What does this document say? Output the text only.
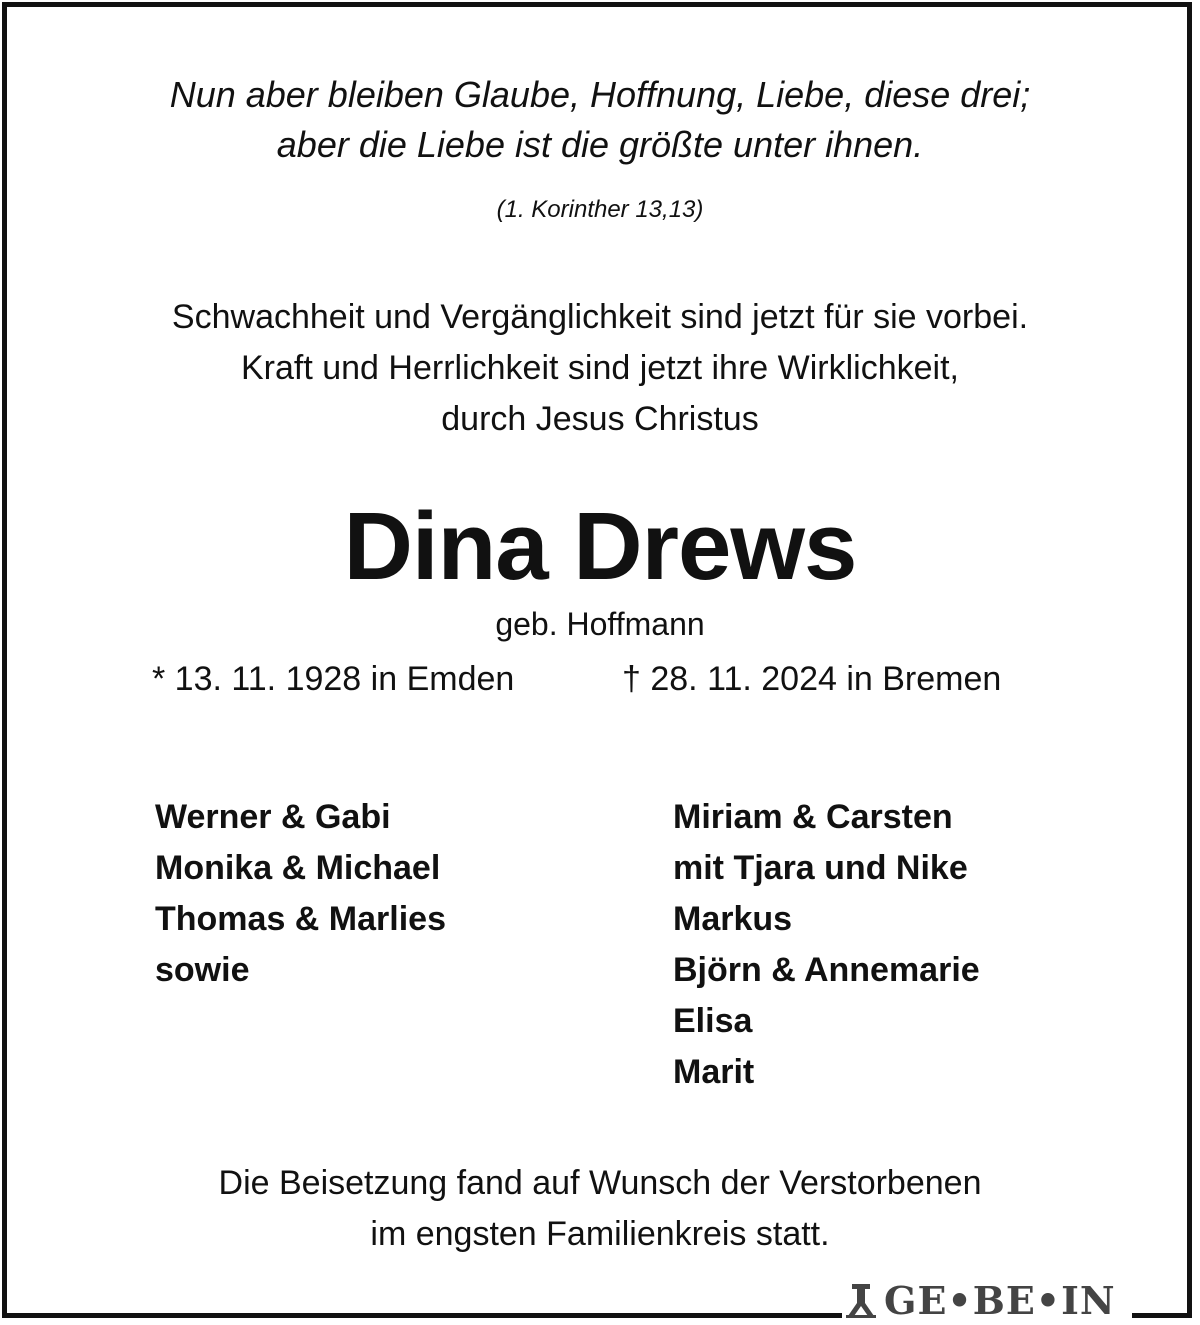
Nun aber bleiben Glaube, Hoffnung, Liebe, diese drei;
aber die Liebe ist die größte unter ihnen.
(1. Korinther 13,13)
Schwachheit und Vergänglichkeit sind jetzt für sie vorbei.
Kraft und Herrlichkeit sind jetzt ihre Wirklichkeit,
durch Jesus Christus
Dina Drews
geb. Hoffmann
* 13. 11. 1928 in Emden	† 28. 11. 2024 in Bremen
Werner & Gabi
Monika & Michael
Thomas & Marlies
sowie
Miriam & Carsten
mit Tjara und Nike
Markus
Björn & Annemarie
Elisa
Marit
Die Beisetzung fand auf Wunsch der Verstorbenen
im engsten Familienkreis statt.
GE•BE•IN
